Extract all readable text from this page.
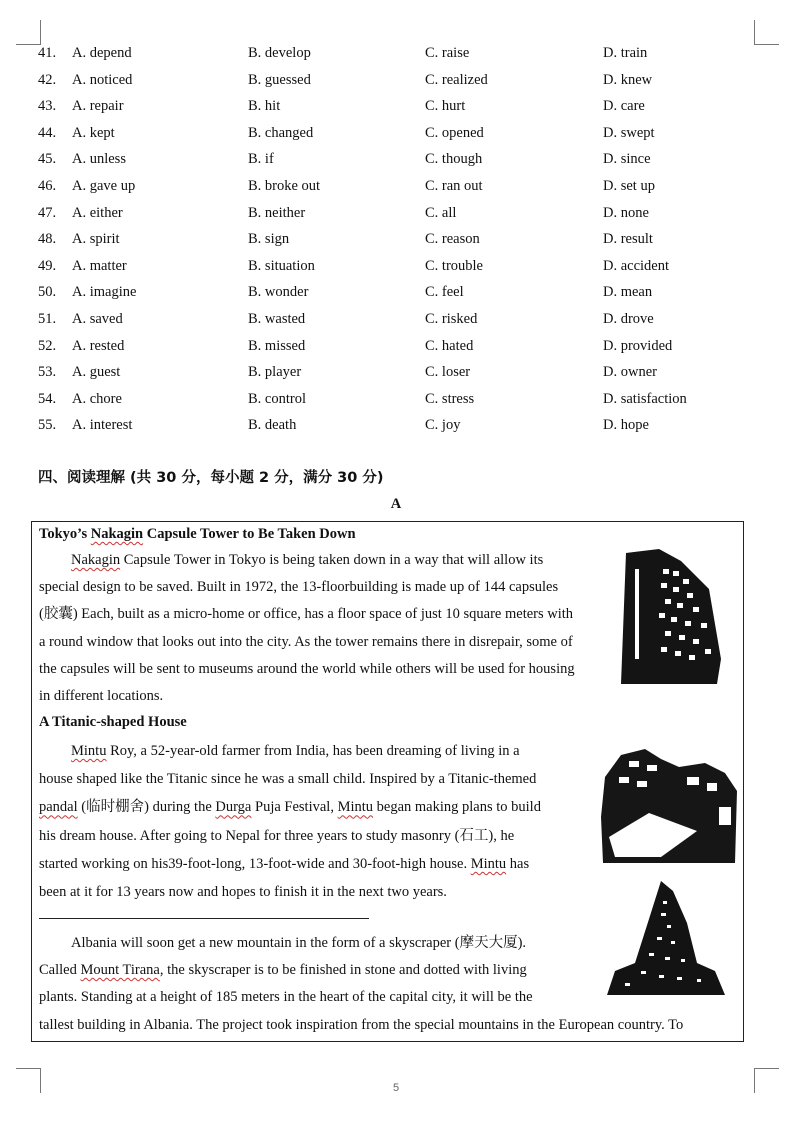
41. A. depend	B. develop	C. raise	D. train
42. A. noticed	B. guessed	C. realized	D. knew
43. A. repair	B. hit	C. hurt	D. care
44. A. kept	B. changed	C. opened	D. swept
45. A. unless	B. if	C. though	D. since
46. A. gave up	B. broke out	C. ran out	D. set up
47. A. either	B. neither	C. all	D. none
48. A. spirit	B. sign	C. reason	D. result
49. A. matter	B. situation	C. trouble	D. accident
50. A. imagine	B. wonder	C. feel	D. mean
51. A. saved	B. wasted	C. risked	D. drove
52. A. rested	B. missed	C. hated	D. provided
53. A. guest	B. player	C. loser	D. owner
54. A. chore	B. control	C. stress	D. satisfaction
55. A. interest	B. death	C. joy	D. hope
四、阅读理解 (共 30 分，每小题 2 分，满分 30 分)
A
Tokyo’s Nakagin Capsule Tower to Be Taken Down
Nakagin Capsule Tower in Tokyo is being taken down in a way that will allow its
special design to be saved. Built in 1972, the 13-floorbuilding is made up of 144 capsules
(胶囊) Each, built as a micro-home or office, has a floor space of just 10 square meters with
a round window that looks out into the city. As the tower remains there in disrepair, some of
the capsules will be sent to museums around the world while others will be used for housing
in different locations.
A Titanic-shaped House
Mintu Roy, a 52-year-old farmer from India, has been dreaming of living in a
house shaped like the Titanic since he was a small child. Inspired by a Titanic-themed
pandal (临时棚舍) during the Durga Puja Festival, Mintu began making plans to build
his dream house. After going to Nepal for three years to study masonry (石工), he
started working on his39-foot-long, 13-foot-wide and 30-foot-high house. Mintu has
been at it for 13 years now and hopes to finish it in the next two years.
Albania will soon get a new mountain in the form of a skyscraper (摩天大厦).
Called Mount Tirana, the skyscraper is to be finished in stone and dotted with living
plants. Standing at a height of 185 meters in the heart of the capital city, it will be the
tallest building in Albania. The project took inspiration from the special mountains in the European country. To
5
